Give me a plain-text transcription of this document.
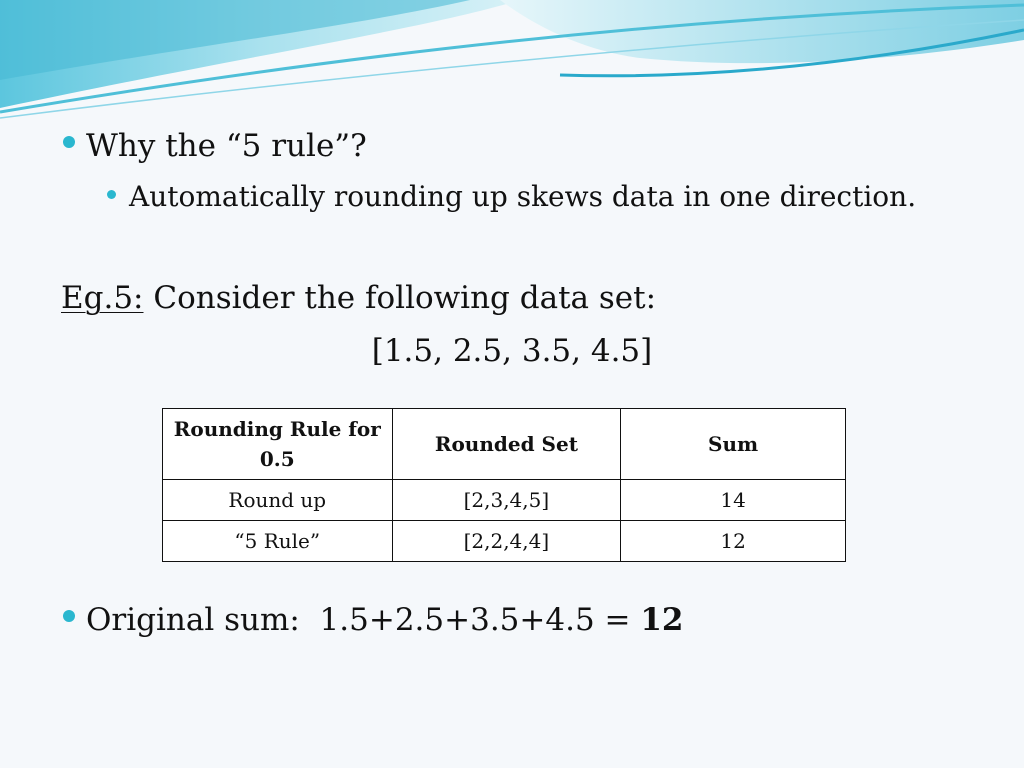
Why the “5 rule”?
Automatically rounding up skews data in one direction.
Eg.5: Consider the following data set:
[1.5, 2.5, 3.5, 4.5]
Rounding Rule for 0.5	Rounded Set	Sum
Round up	[2,3,4,5]	14
“5 Rule”	[2,2,4,4]	12
Original sum:  1.5+2.5+3.5+4.5 = 12
